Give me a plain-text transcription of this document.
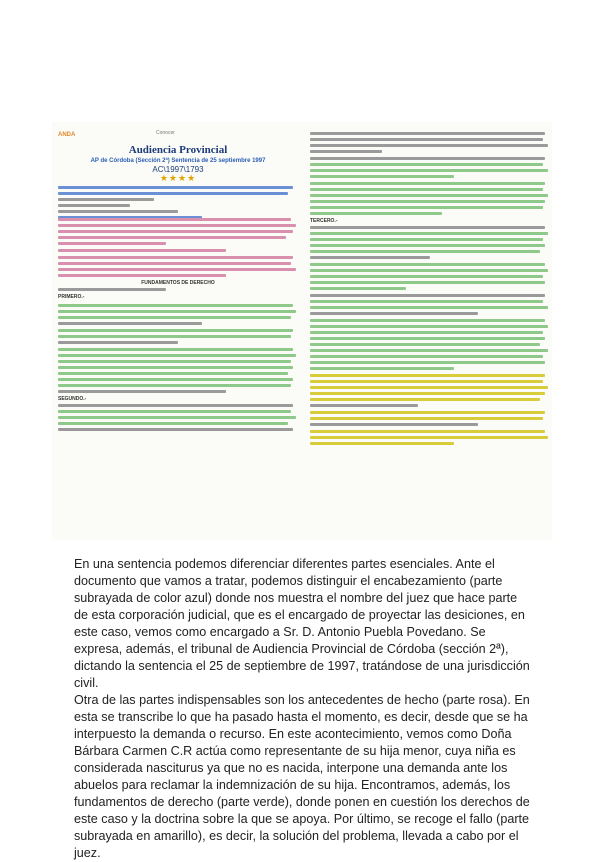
ANDA	Conocer
Audiencia Provincial
AP de Córdoba (Sección 2ª) Sentencia de 25 septiembre 1997
AC\1997\1793
★★★★
FUNDAMENTOS DE DERECHO
PRIMERO.-
SEGUNDO.-
TERCERO.-

En una sentencia podemos diferenciar diferentes partes esenciales. Ante el documento que vamos a tratar, podemos distinguir el encabezamiento (parte subrayada de color azul) donde nos muestra el nombre del juez que hace parte de esta corporación judicial, que es el encargado de proyectar las desiciones, en este caso, vemos como encargado a Sr. D. Antonio Puebla Povedano. Se expresa, además, el tribunal de Audiencia Provincial de Córdoba (sección 2ª), dictando la sentencia el 25 de septiembre de 1997, tratándose de una jurisdicción civil.

Otra de las partes indispensables son los antecedentes de hecho (parte rosa). En esta se transcribe lo que ha pasado hasta el momento, es decir, desde que se ha interpuesto la demanda o recurso. En este acontecimiento, vemos como Doña Bárbara Carmen C.R actúa como representante de su hija menor, cuya niña es considerada nasciturus ya que no es nacida, interpone una demanda ante los abuelos para reclamar la indemnización de su hija. Encontramos, además, los fundamentos de derecho (parte verde), donde ponen en cuestión los derechos de este caso y la doctrina sobre la que se apoya. Por último, se recoge el fallo (parte subrayada en amarillo), es decir, la solución del problema, llevada a cabo por el juez.
